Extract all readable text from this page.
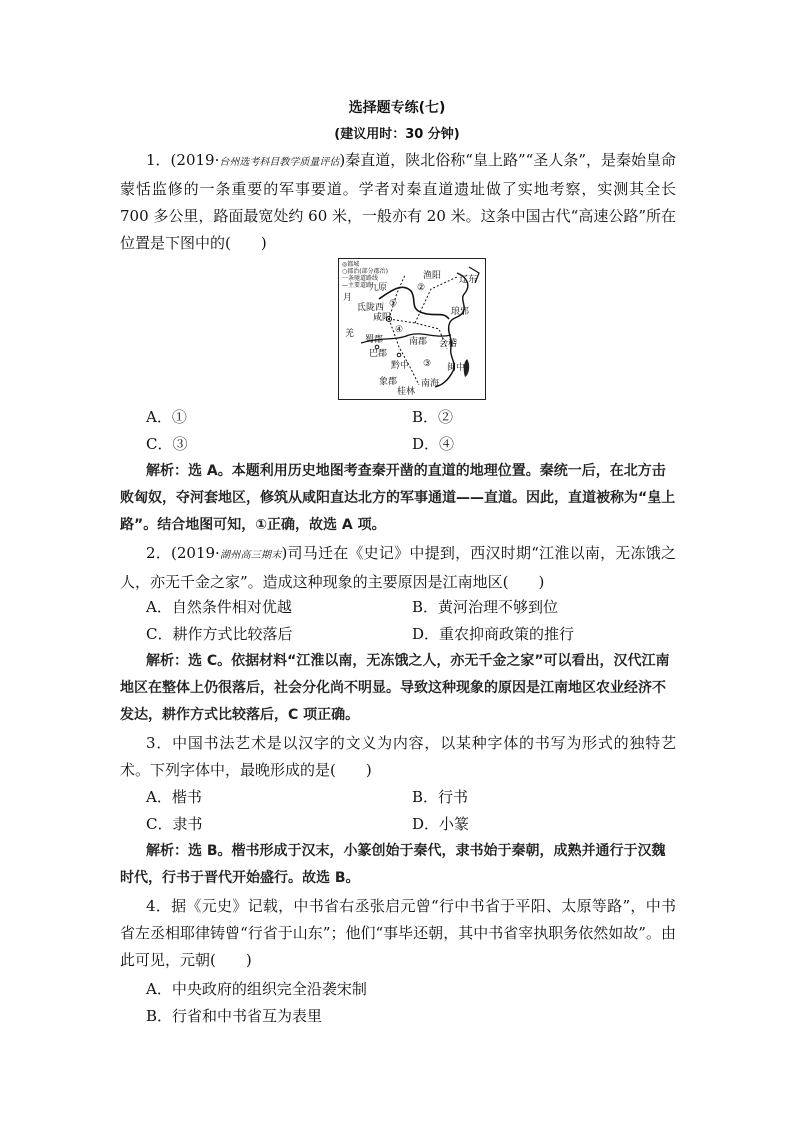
选择题专练(七)
(建议用时：30 分钟)
1．(2019·台州选考科目教学质量评估)秦直道，陕北俗称“皇上路”“圣人条”，是秦始皇命蒙恬监修的一条重要的军事要道。学者对秦直道遗址做了实地考察，实测其全长 700 多公里，路面最宽处约 60 米，一般亦有 20 米。这条中国古代“高速公路”所在位置是下图中的(　　)
◎都城
○郡治(部分郡治)
一条驰道路线
—主要道路
渔阳 辽东
九原	②
①
氐陇西
咸阳
琅邪
月
羌	④
南郡 会稽
蜀郡
巴郡
③
黔中	闽中
象郡	南海
桂林
A．①	B．②
C．③	D．④
解析：选 A。本题利用历史地图考查秦开凿的直道的地理位置。秦统一后，在北方击败匈奴，夺河套地区，修筑从咸阳直达北方的军事通道——直道。因此，直道被称为“皇上路”。结合地图可知，①正确，故选 A 项。
2．(2019·湖州高三期末)司马迁在《史记》中提到，西汉时期“江淮以南，无冻饿之人，亦无千金之家”。造成这种现象的主要原因是江南地区(　　)
A．自然条件相对优越	B．黄河治理不够到位
C．耕作方式比较落后	D．重农抑商政策的推行
解析：选 C。依据材料“江淮以南，无冻饿之人，亦无千金之家”可以看出，汉代江南地区在整体上仍很落后，社会分化尚不明显。导致这种现象的原因是江南地区农业经济不发达，耕作方式比较落后，C 项正确。
3．中国书法艺术是以汉字的文义为内容，以某种字体的书写为形式的独特艺术。下列字体中，最晚形成的是(　　)
A．楷书	B．行书
C．隶书	D．小篆
解析：选 B。楷书形成于汉末，小篆创始于秦代，隶书始于秦朝，成熟并通行于汉魏时代，行书于晋代开始盛行。故选 B。
4．据《元史》记载，中书省右丞张启元曾“行中书省于平阳、太原等路”，中书省左丞相耶律铸曾“行省于山东”；他们“事毕还朝，其中书省宰执职务依然如故”。由此可见，元朝(　　)
A．中央政府的组织完全沿袭宋制
B．行省和中书省互为表里
